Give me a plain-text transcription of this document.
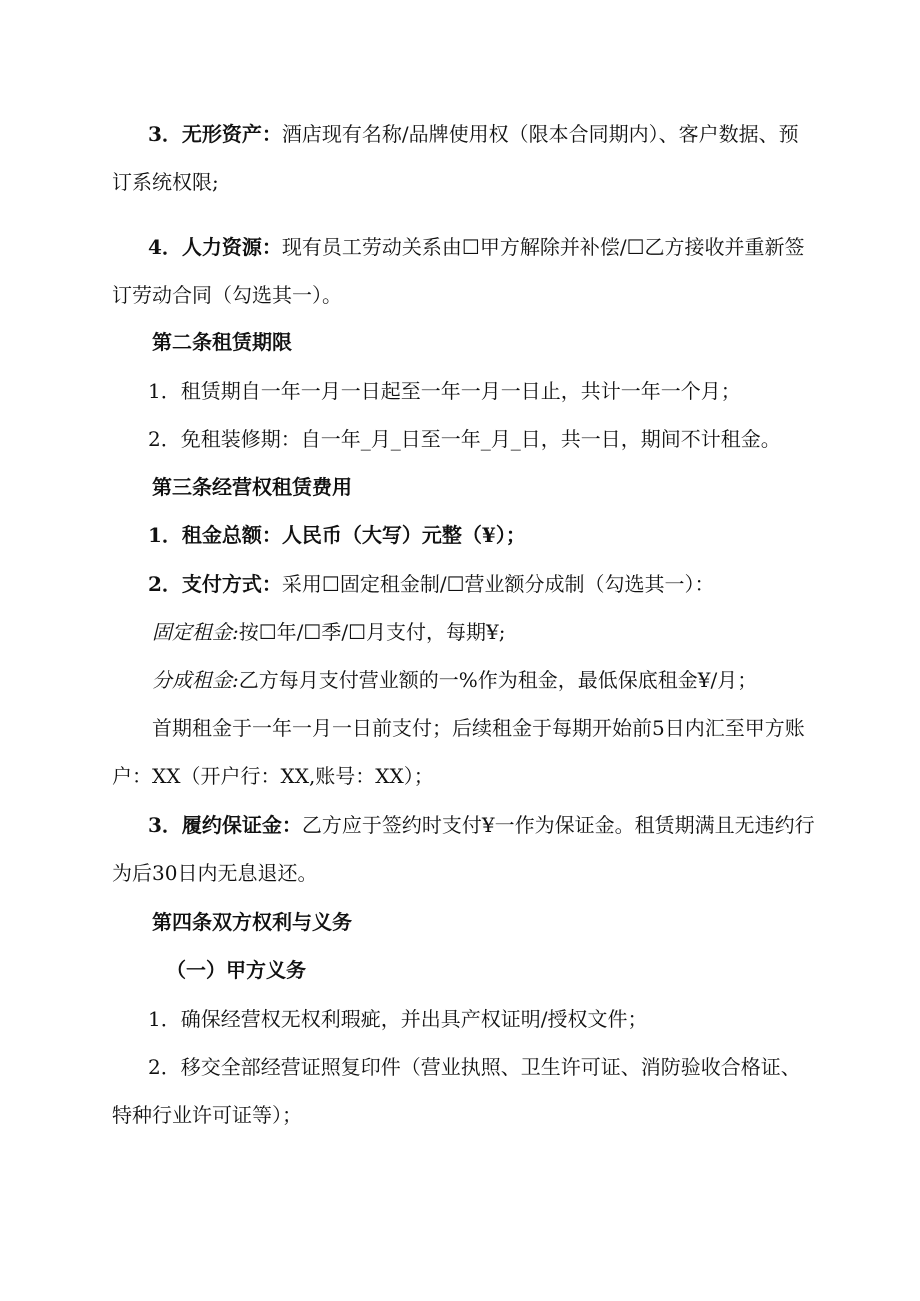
3．无形资产：酒店现有名称/品牌使用权（限本合同期内）、客户数据、预
订系统权限;
4．人力资源：现有员工劳动关系由☐甲方解除并补偿/☐乙方接收并重新签
订劳动合同（勾选其一）。
第二条租赁期限
1．租赁期自一年一月一日起至一年一月一日止，共计一年一个月；
2．免租装修期：自一年_月_日至一年_月_日，共一日，期间不计租金。
第三条经营权租赁费用
1．租金总额：人民币（大写）元整（¥）；
2．支付方式：采用☐固定租金制/☐营业额分成制（勾选其一）：
固定租金:按☐年/☐季/☐月支付，每期¥;
分成租金:乙方每月支付营业额的一%作为租金，最低保底租金¥/月；
首期租金于一年一月一日前支付；后续租金于每期开始前5日内汇至甲方账
户：XX（开户行：XX,账号：XX）；
3．履约保证金：乙方应于签约时支付¥一作为保证金。租赁期满且无违约行
为后30日内无息退还。
第四条双方权利与义务
（一）甲方义务
1．确保经营权无权利瑕疵，并出具产权证明/授权文件；
2．移交全部经营证照复印件（营业执照、卫生许可证、消防验收合格证、
特种行业许可证等）；
